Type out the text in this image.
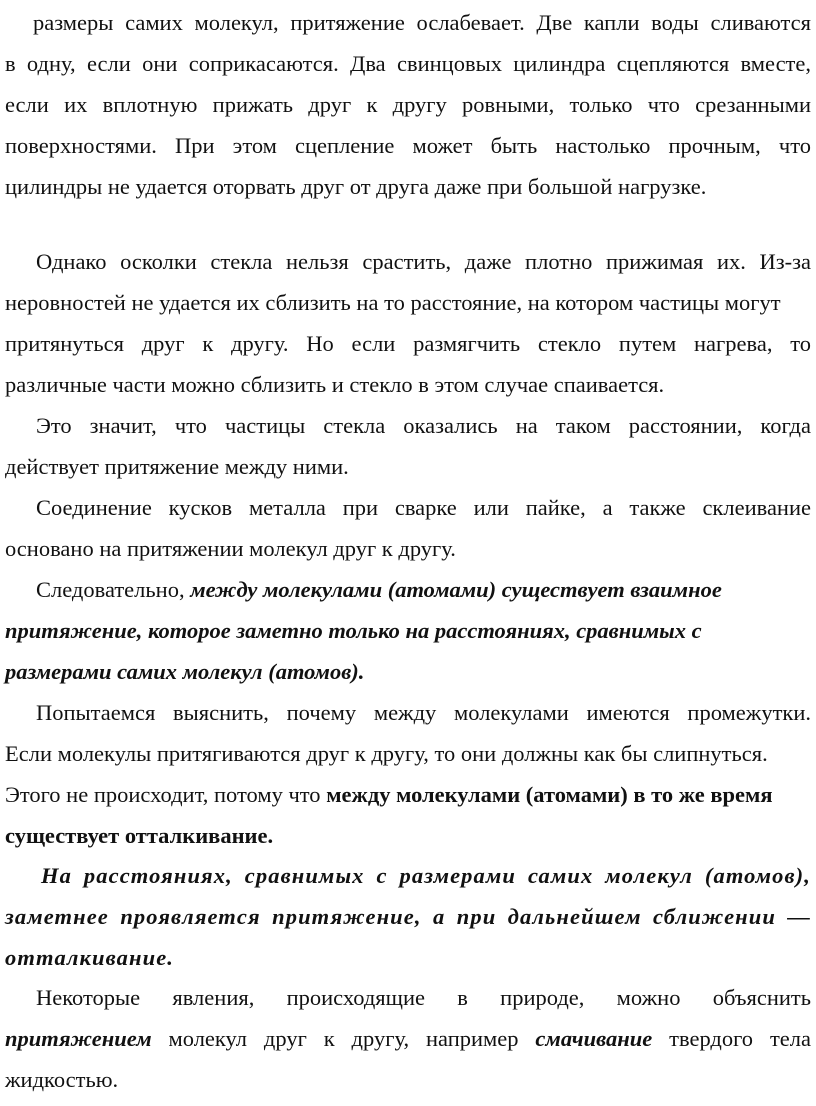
размеры самих молекул, притяжение ослабевает. Две капли воды сливаются
в одну, если они соприкасаются. Два свинцовых цилиндра сцепляются вместе,
если их вплотную прижать друг к другу ровными, только что срезанными
поверхностями. При этом сцепление может быть настолько прочным, что
цилиндры не удается оторвать друг от друга даже при большой нагрузке.
Однако осколки стекла нельзя срастить, даже плотно прижимая их. Из-за
неровностей не удается их сблизить на то расстояние, на котором частицы могут
притянуться друг к другу. Но если размягчить стекло путем нагрева, то
различные части можно сблизить и стекло в этом случае спаивается.
Это значит, что частицы стекла оказались на таком расстоянии, когда
действует притяжение между ними.
Соединение кусков металла при сварке или пайке, а также склеивание
основано на притяжении молекул друг к другу.
Следовательно, между молекулами (атомами) существует взаимное
притяжение, которое заметно только на расстояниях, сравнимых с
размерами самих молекул (атомов).
Попытаемся выяснить, почему между молекулами имеются промежутки.
Если молекулы притягиваются друг к другу, то они должны как бы слипнуться.
Этого не происходит, потому что между молекулами (атомами) в то же время
существует отталкивание.
На расстояниях, сравнимых с размерами самих молекул (атомов),
заметнее проявляется притяжение, а при дальнейшем сближении —
отталкивание.
Некоторые явления, происходящие в природе, можно объяснить
притяжением молекул друг к другу, например смачивание твердого тела
жидкостью.
